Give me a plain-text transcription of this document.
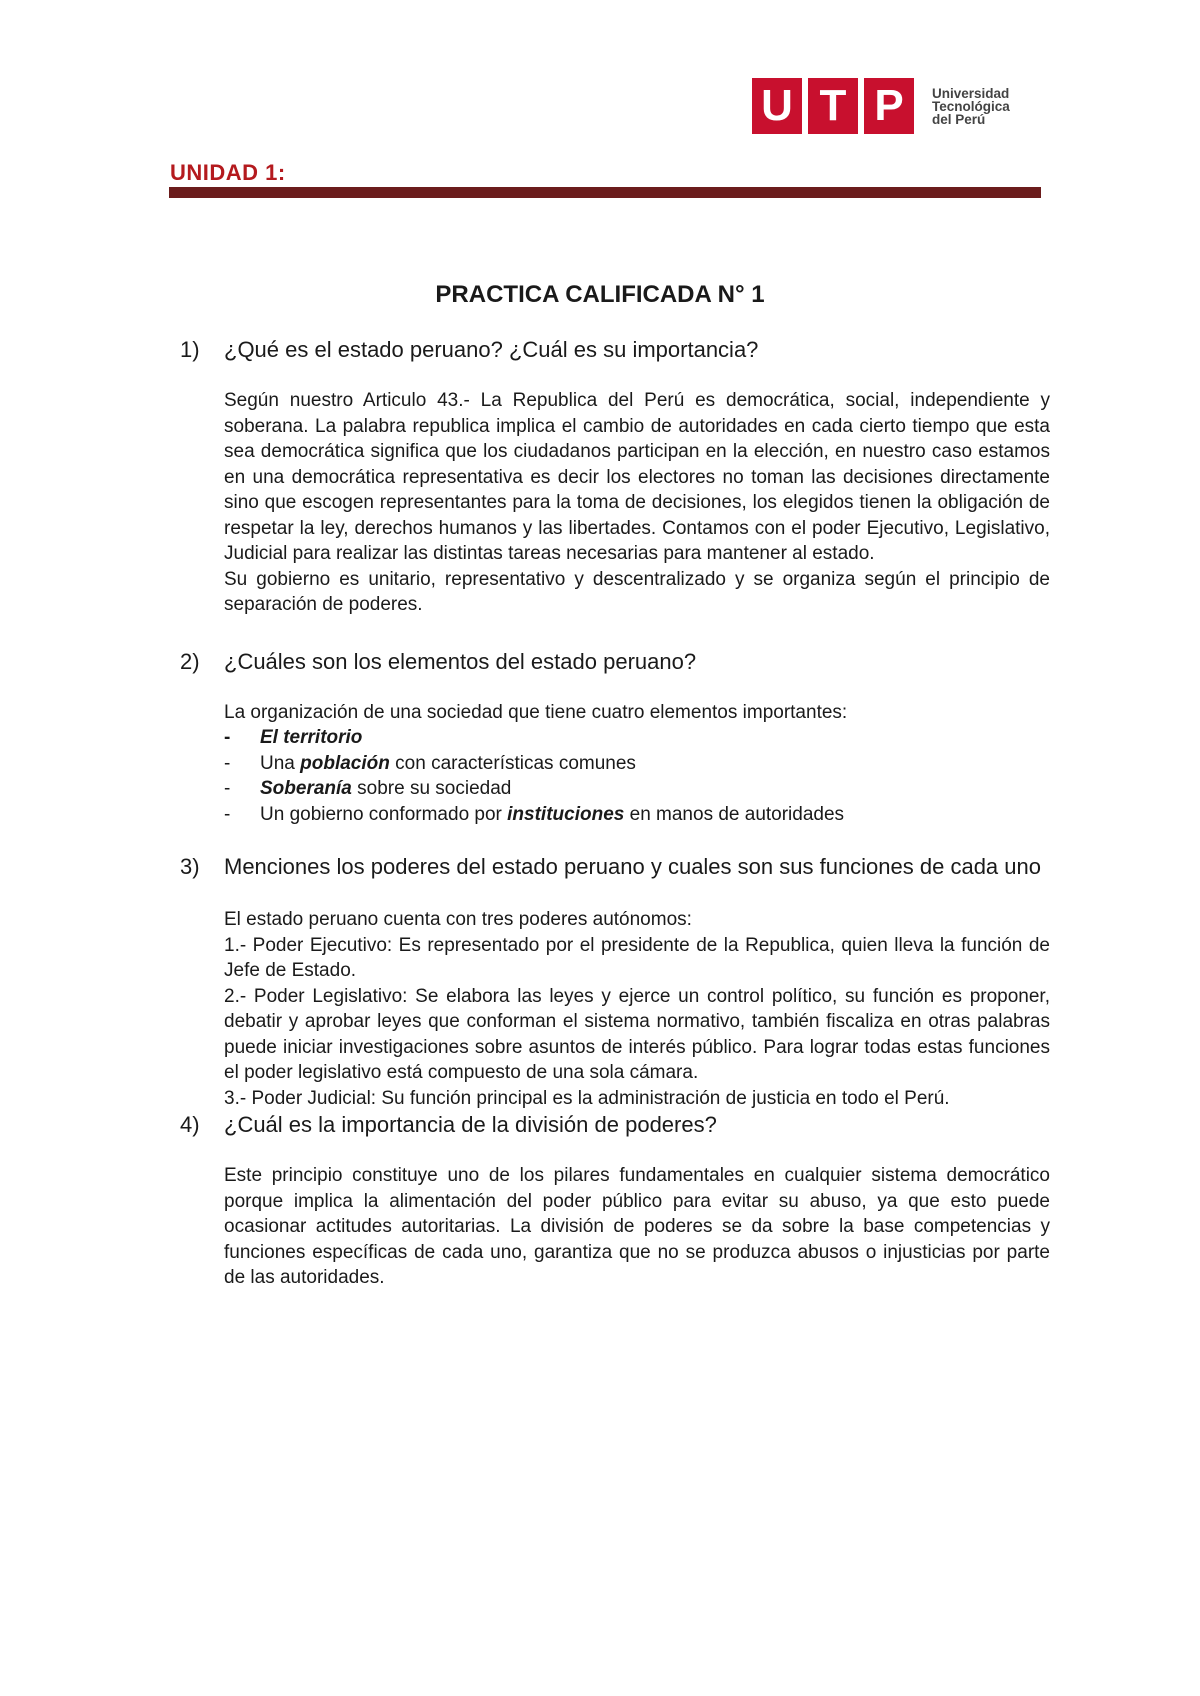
U T P	Universidad
Tecnológica
del Perú
UNIDAD 1:
PRACTICA CALIFICADA N° 1
1)	¿Qué es el estado peruano? ¿Cuál es su importancia?
Según nuestro Articulo 43.- La Republica del Perú es democrática, social, independiente y soberana. La palabra republica implica el cambio de autoridades en cada cierto tiempo que esta sea democrática significa que los ciudadanos participan en la elección, en nuestro caso estamos en una democrática representativa es decir los electores no toman las decisiones directamente sino que escogen representantes para la toma de decisiones, los elegidos tienen la obligación de respetar la ley, derechos humanos y las libertades. Contamos con el poder Ejecutivo, Legislativo, Judicial para realizar las distintas tareas necesarias para mantener al estado.
Su gobierno es unitario, representativo y descentralizado y se organiza según el principio de separación de poderes.
2)	¿Cuáles son los elementos del estado peruano?
La organización de una sociedad que tiene cuatro elementos importantes:
-	El territorio
-	Una población con características comunes
-	Soberanía sobre su sociedad
-	Un gobierno conformado por instituciones en manos de autoridades
3)	Menciones los poderes del estado peruano y cuales son sus funciones de cada uno
El estado peruano cuenta con tres poderes autónomos:
1.- Poder Ejecutivo: Es representado por el presidente de la Republica, quien lleva la función de Jefe de Estado.
2.- Poder Legislativo: Se elabora las leyes y ejerce un control político, su función es proponer, debatir y aprobar leyes que conforman el sistema normativo, también fiscaliza en otras palabras puede iniciar investigaciones sobre asuntos de interés público. Para lograr todas estas funciones el poder legislativo está compuesto de una sola cámara.
3.- Poder Judicial: Su función principal es la administración de justicia en todo el Perú.
4)	¿Cuál es la importancia de la división de poderes?
Este principio constituye uno de los pilares fundamentales en cualquier sistema democrático porque implica la alimentación del poder público para evitar su abuso, ya que esto puede ocasionar actitudes autoritarias. La división de poderes se da sobre la base competencias y funciones específicas de cada uno, garantiza que no se produzca abusos o injusticias por parte de las autoridades.
